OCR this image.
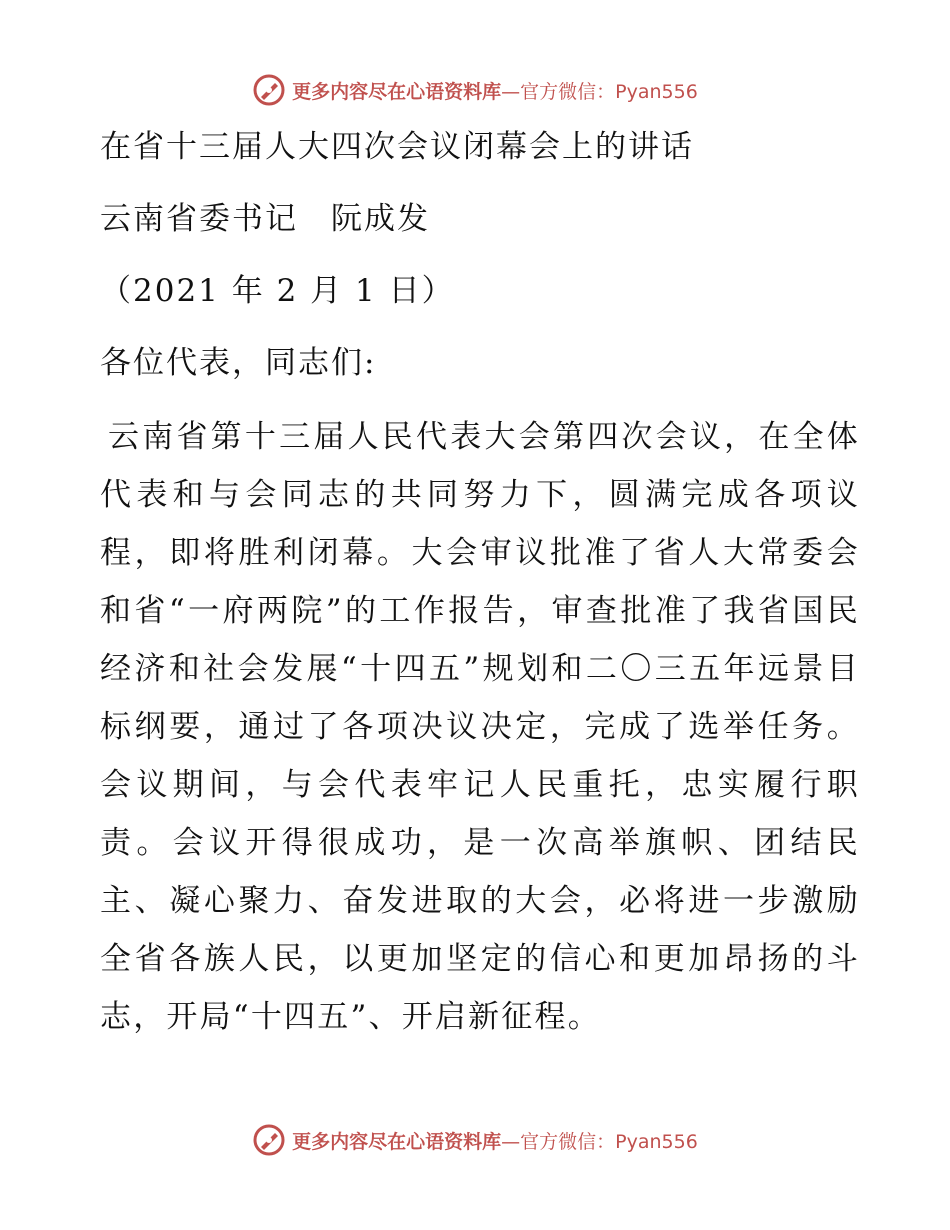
更多内容尽在心语资料库—官方微信：Pyan556

在省十三届人大四次会议闭幕会上的讲话

云南省委书记　阮成发

（2021 年 2 月 1 日）

各位代表，同志们:

云南省第十三届人民代表大会第四次会议，在全体代表和与会同志的共同努力下，圆满完成各项议程，即将胜利闭幕。大会审议批准了省人大常委会和省“一府两院”的工作报告，审查批准了我省国民经济和社会发展“十四五”规划和二〇三五年远景目标纲要，通过了各项决议决定，完成了选举任务。会议期间，与会代表牢记人民重托，忠实履行职责。会议开得很成功，是一次高举旗帜、团结民主、凝心聚力、奋发进取的大会，必将进一步激励全省各族人民，以更加坚定的信心和更加昂扬的斗志，开局“十四五”、开启新征程。

更多内容尽在心语资料库—官方微信：Pyan556
